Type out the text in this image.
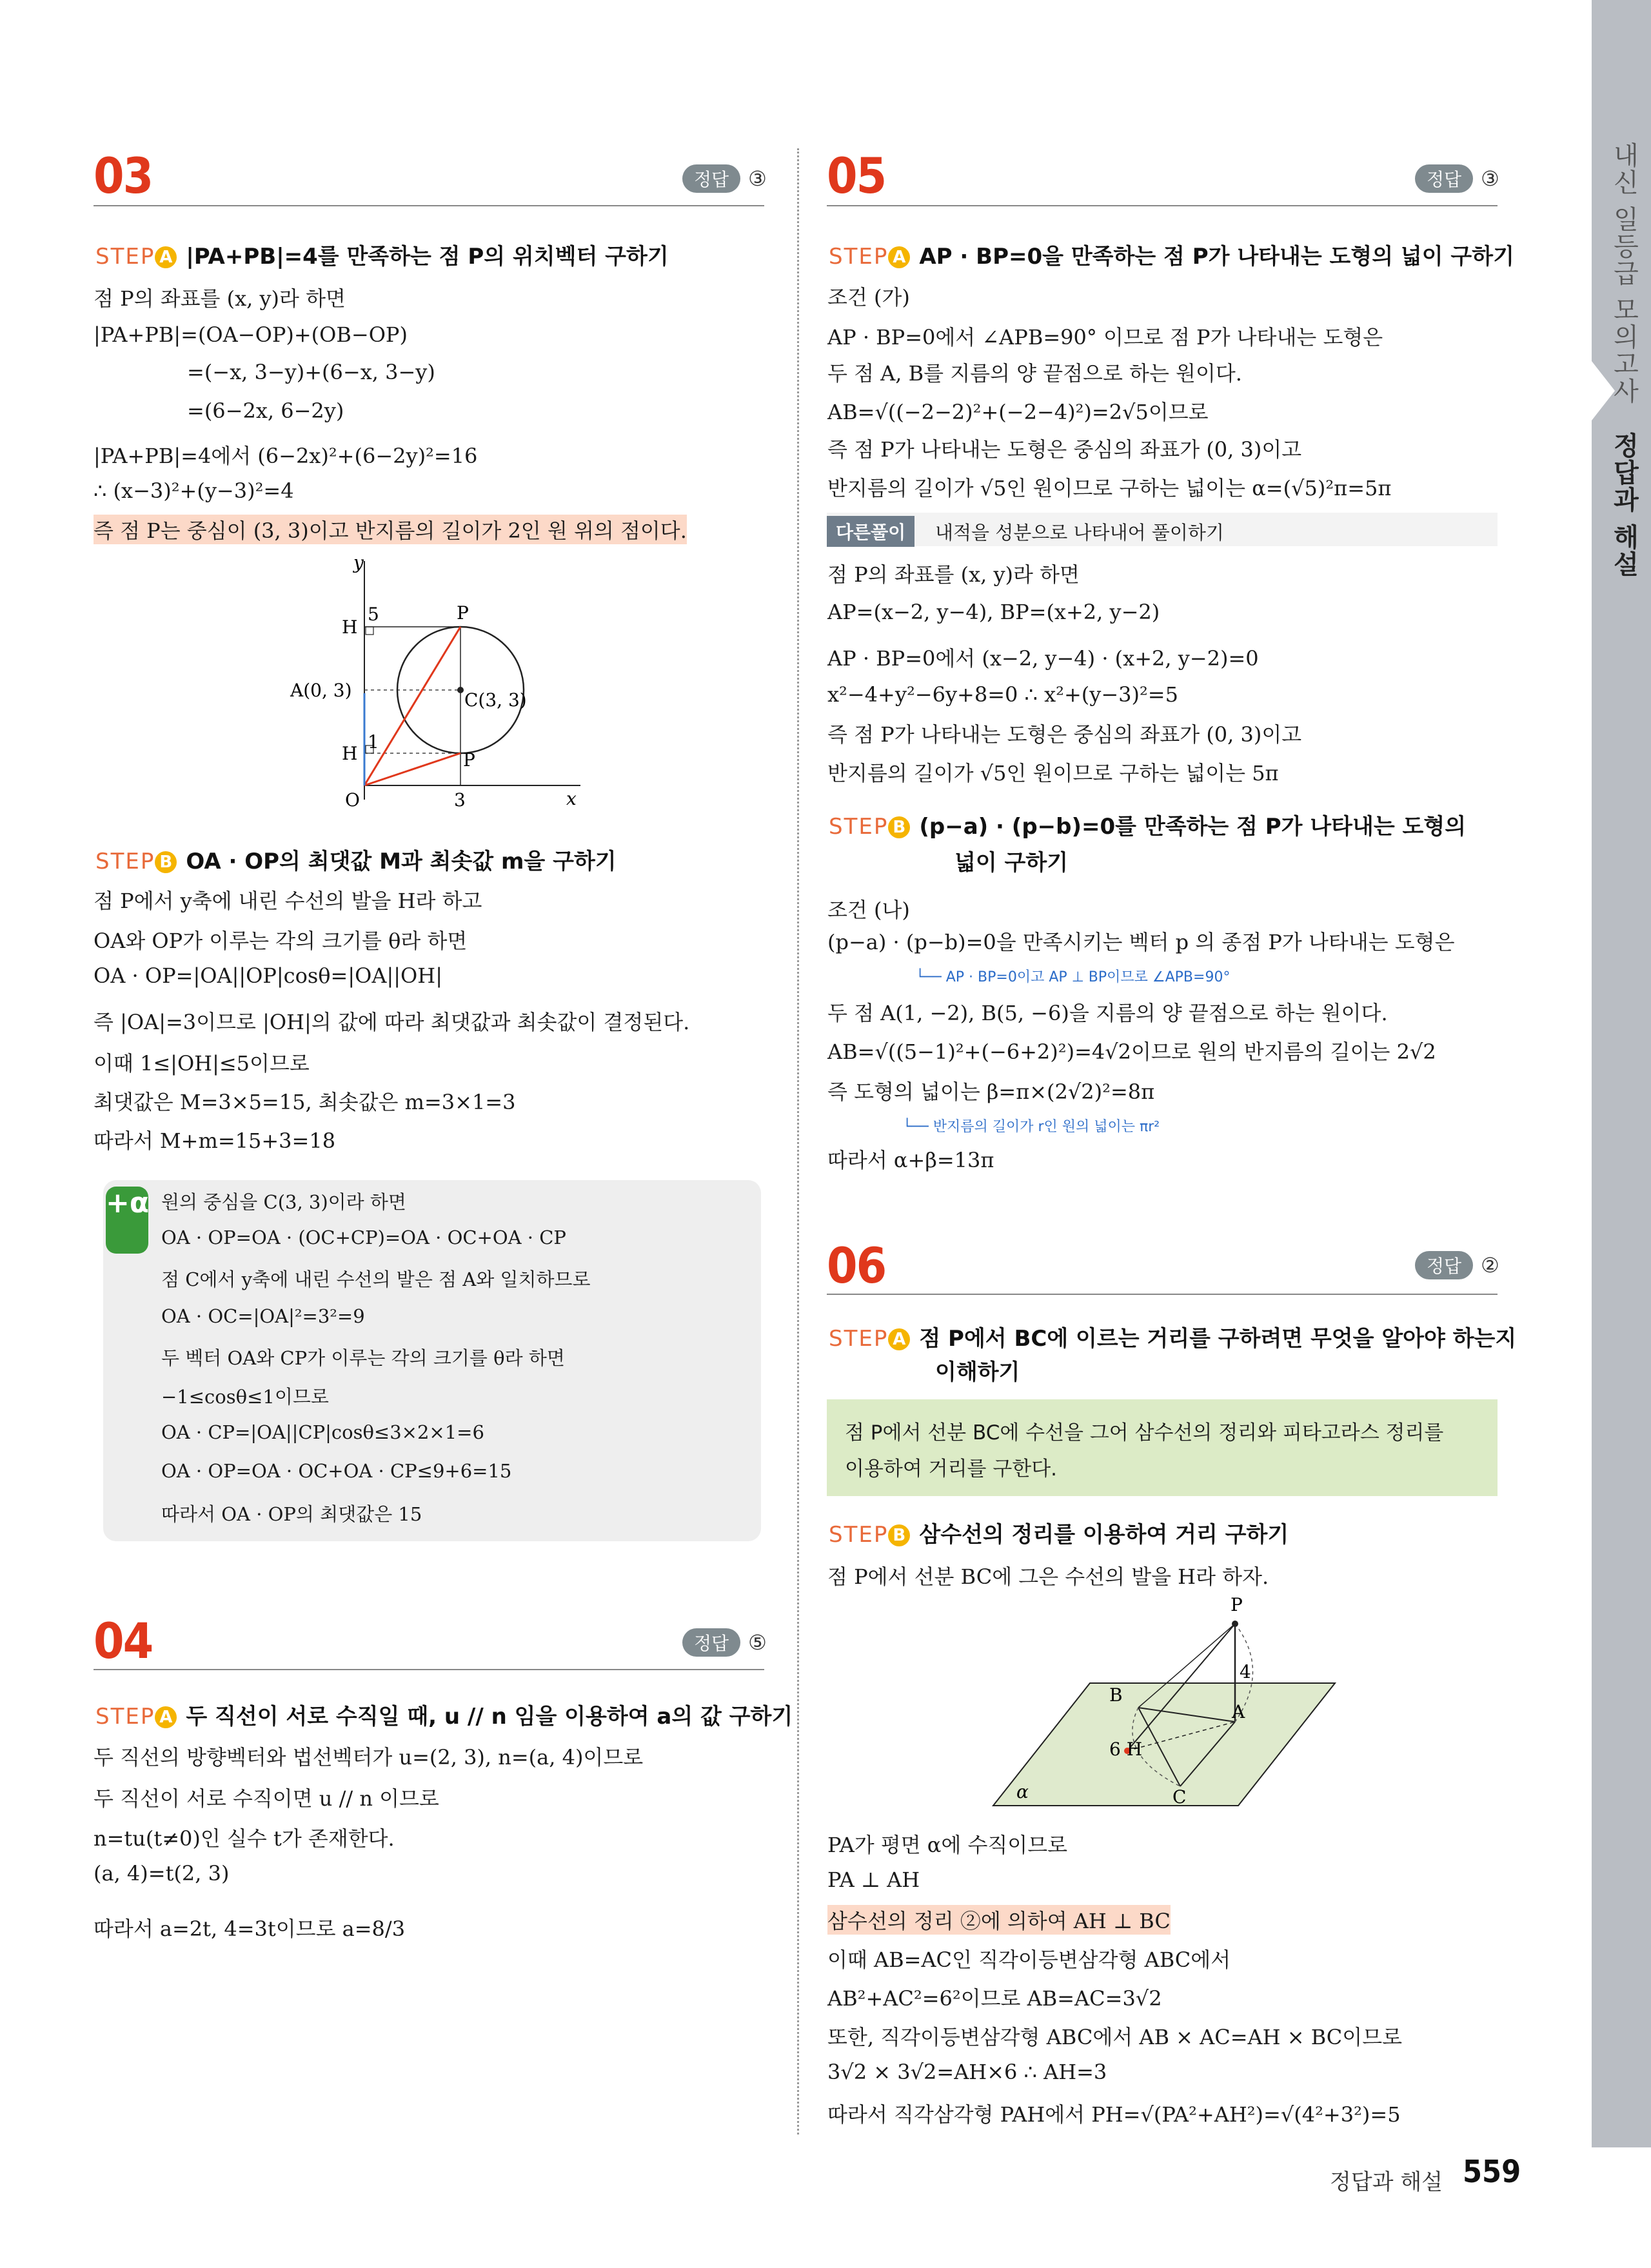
내신 일등급 모의고사
정답과 해설
03	정답 ③
STEP A |PA+PB|=4를 만족하는 점 P의 위치벡터 구하기
점 P의 좌표를 (x, y)라 하면
|PA+PB|=(OA−OP)+(OB−OP)
=(−x, 3−y)+(6−x, 3−y)
=(6−2x, 6−2y)
|PA+PB|=4에서 (6−2x)²+(6−2y)²=16
∴ (x−3)²+(y−3)²=4
즉 점 P는 중심이 (3, 3)이고 반지름의 길이가 2인 원 위의 점이다.
y
x
O
H
H
5
1
3
A(0, 3)	C(3, 3)
P
P
STEP B OA · OP의 최댓값 M과 최솟값 m을 구하기
점 P에서 y축에 내린 수선의 발을 H라 하고
OA와 OP가 이루는 각의 크기를 θ라 하면
OA · OP=|OA||OP|cosθ=|OA||OH|
즉 |OA|=3이므로 |OH|의 값에 따라 최댓값과 최솟값이 결정된다.
이때 1≤|OH|≤5이므로
최댓값은 M=3×5=15, 최솟값은 m=3×1=3
따라서 M+m=15+3=18
+α 원의 중심을 C(3, 3)이라 하면
OA · OP=OA · (OC+CP)=OA · OC+OA · CP
점 C에서 y축에 내린 수선의 발은 점 A와 일치하므로
OA · OC=|OA|²=3²=9
두 벡터 OA와 CP가 이루는 각의 크기를 θ라 하면
−1≤cosθ≤1이므로
OA · CP=|OA||CP|cosθ≤3×2×1=6
OA · OP=OA · OC+OA · CP≤9+6=15
따라서 OA · OP의 최댓값은 15
04	정답 ⑤
STEP A 두 직선이 서로 수직일 때, u // n 임을 이용하여 a의 값 구하기
두 직선의 방향벡터와 법선벡터가 u=(2, 3), n=(a, 4)이므로
두 직선이 서로 수직이면 u // n 이므로
n=tu(t≠0)인 실수 t가 존재한다.
(a, 4)=t(2, 3)
따라서 a=2t, 4=3t이므로 a=8/3
05	정답 ③
STEP A AP · BP=0을 만족하는 점 P가 나타내는 도형의 넓이 구하기
조건 (가)
AP · BP=0에서 ∠APB=90° 이므로 점 P가 나타내는 도형은
두 점 A, B를 지름의 양 끝점으로 하는 원이다.
AB=√((−2−2)²+(−2−4)²)=2√5이므로
즉 점 P가 나타내는 도형은 중심의 좌표가 (0, 3)이고
반지름의 길이가 √5인 원이므로 구하는 넓이는 α=(√5)²π=5π
다른풀이	내적을 성분으로 나타내어 풀이하기
점 P의 좌표를 (x, y)라 하면
AP=(x−2, y−4), BP=(x+2, y−2)
AP · BP=0에서 (x−2, y−4) · (x+2, y−2)=0
x²−4+y²−6y+8=0 ∴ x²+(y−3)²=5
즉 점 P가 나타내는 도형은 중심의 좌표가 (0, 3)이고
반지름의 길이가 √5인 원이므로 구하는 넓이는 5π
STEP B (p−a) · (p−b)=0를 만족하는 점 P가 나타내는 도형의
넓이 구하기
조건 (나)
(p−a) · (p−b)=0을 만족시키는 벡터 p 의 종점 P가 나타내는 도형은
└── AP · BP=0이고 AP ⊥ BP이므로 ∠APB=90°
두 점 A(1, −2), B(5, −6)을 지름의 양 끝점으로 하는 원이다.
AB=√((5−1)²+(−6+2)²)=4√2이므로 원의 반지름의 길이는 2√2
즉 도형의 넓이는 β=π×(2√2)²=8π
└── 반지름의 길이가 r인 원의 넓이는 πr²
따라서 α+β=13π
06	정답 ②
STEP A 점 P에서 BC에 이르는 거리를 구하려면 무엇을 알아야 하는지
이해하기
점 P에서 선분 BC에 수선을 그어 삼수선의 정리와 피타고라스 정리를
이용하여 거리를 구한다.
STEP B 삼수선의 정리를 이용하여 거리 구하기
점 P에서 선분 BC에 그은 수선의 발을 H라 하자.
P
4
B
A
6 H
C
α
PA가 평면 α에 수직이므로
PA ⊥ AH
삼수선의 정리 ②에 의하여 AH ⊥ BC
이때 AB=AC인 직각이등변삼각형 ABC에서
AB²+AC²=6²이므로 AB=AC=3√2
또한, 직각이등변삼각형 ABC에서 AB × AC=AH × BC이므로
3√2 × 3√2=AH×6 ∴ AH=3
따라서 직각삼각형 PAH에서 PH=√(PA²+AH²)=√(4²+3²)=5
정답과 해설 559
